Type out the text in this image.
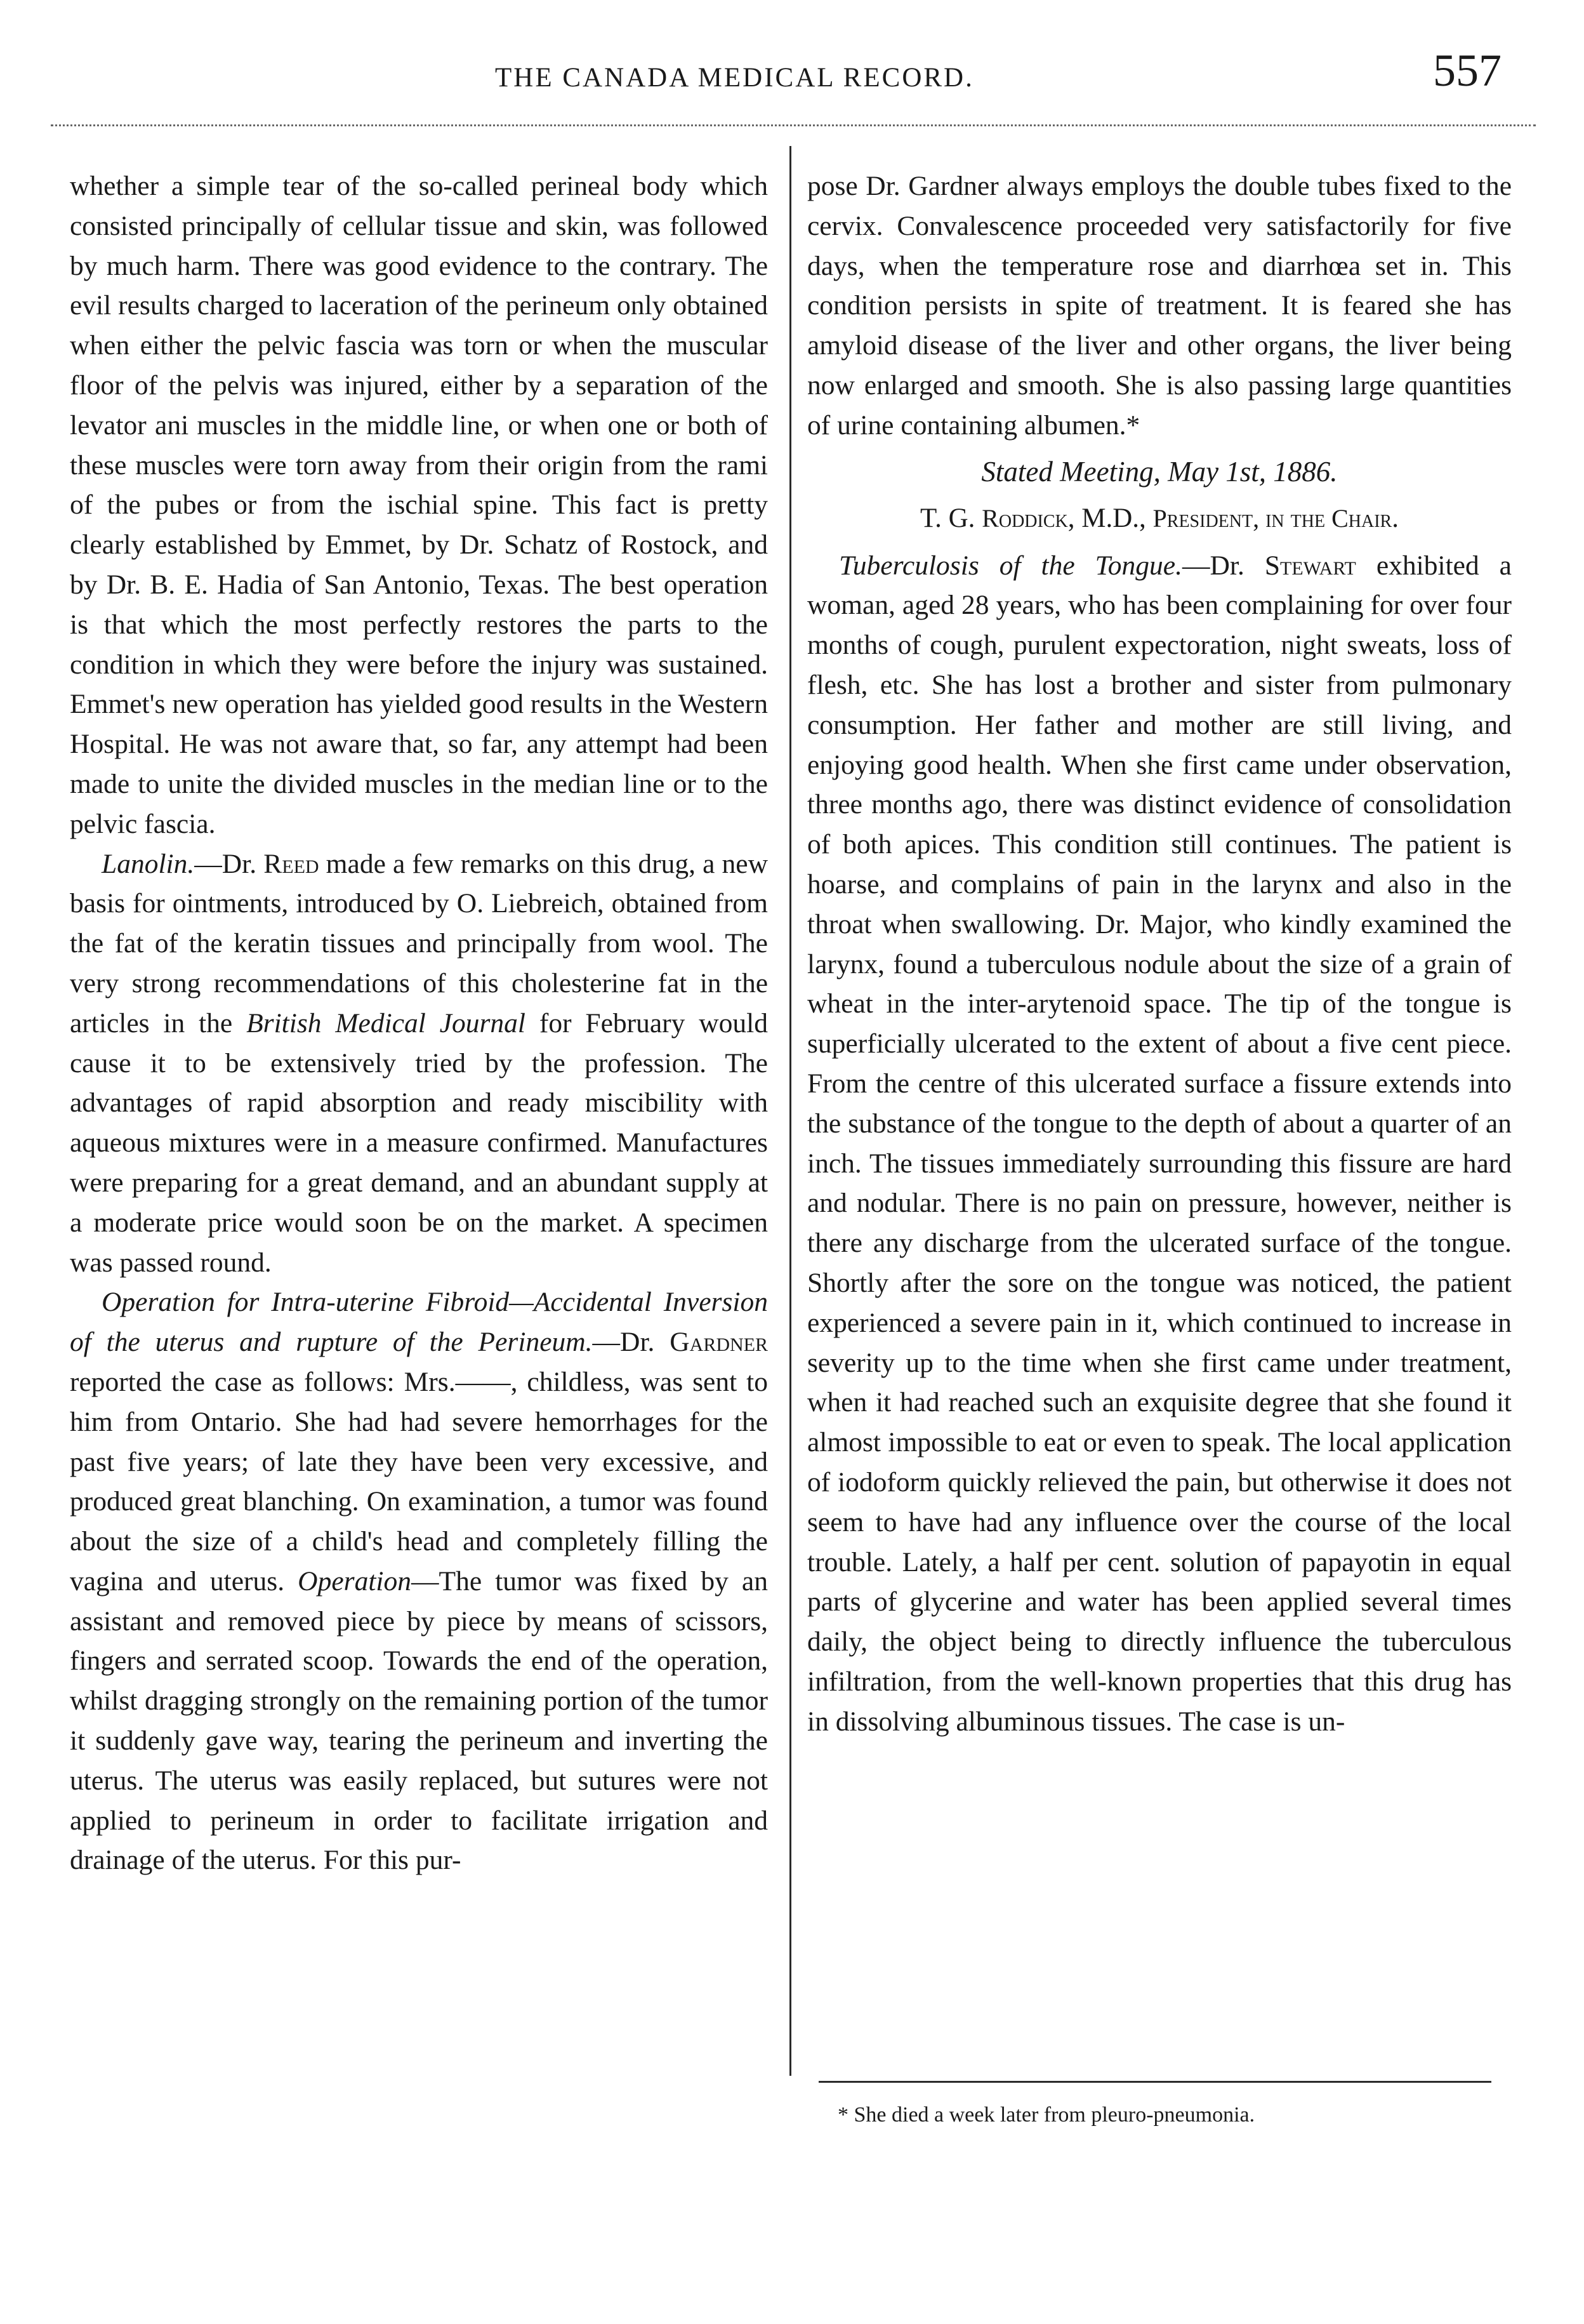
THE CANADA MEDICAL RECORD.	557

whether a simple tear of the so-called perineal body which consisted principally of cellular tissue and skin, was followed by much harm. There was good evidence to the contrary. The evil results charged to laceration of the perineum only obtained when either the pelvic fascia was torn or when the muscular floor of the pelvis was injured, either by a separation of the levator ani muscles in the middle line, or when one or both of these muscles were torn away from their origin from the rami of the pubes or from the ischial spine. This fact is pretty clearly established by Emmet, by Dr. Schatz of Rostock, and by Dr. B. E. Hadia of San Antonio, Texas. The best operation is that which the most perfectly restores the parts to the condition in which they were before the injury was sustained. Emmet's new operation has yielded good results in the Western Hospital. He was not aware that, so far, any attempt had been made to unite the divided muscles in the median line or to the pelvic fascia.

Lanolin.—Dr. Reed made a few remarks on this drug, a new basis for ointments, introduced by O. Liebreich, obtained from the fat of the keratin tissues and principally from wool. The very strong recommendations of this cholesterine fat in the articles in the British Medical Journal for February would cause it to be extensively tried by the profession. The advantages of rapid absorption and ready miscibility with aqueous mixtures were in a measure confirmed. Manufactures were preparing for a great demand, and an abundant supply at a moderate price would soon be on the market. A specimen was passed round.

Operation for Intra-uterine Fibroid—Accidental Inversion of the uterus and rupture of the Perineum.—Dr. Gardner reported the case as follows: Mrs.——, childless, was sent to him from Ontario. She had had severe hemorrhages for the past five years; of late they have been very excessive, and produced great blanching. On examination, a tumor was found about the size of a child's head and completely filling the vagina and uterus. Operation—The tumor was fixed by an assistant and removed piece by piece by means of scissors, fingers and serrated scoop. Towards the end of the operation, whilst dragging strongly on the remaining portion of the tumor it suddenly gave way, tearing the perineum and inverting the uterus. The uterus was easily replaced, but sutures were not applied to perineum in order to facilitate irrigation and drainage of the uterus. For this pur-

pose Dr. Gardner always employs the double tubes fixed to the cervix. Convalescence proceeded very satisfactorily for five days, when the temperature rose and diarrhœa set in. This condition persists in spite of treatment. It is feared she has amyloid disease of the liver and other organs, the liver being now enlarged and smooth. She is also passing large quantities of urine containing albumen.*

Stated Meeting, May 1st, 1886.

T. G. Roddick, M.D., President, in the Chair.

Tuberculosis of the Tongue.—Dr. Stewart exhibited a woman, aged 28 years, who has been complaining for over four months of cough, purulent expectoration, night sweats, loss of flesh, etc. She has lost a brother and sister from pulmonary consumption. Her father and mother are still living, and enjoying good health. When she first came under observation, three months ago, there was distinct evidence of consolidation of both apices. This condition still continues. The patient is hoarse, and complains of pain in the larynx and also in the throat when swallowing. Dr. Major, who kindly examined the larynx, found a tuberculous nodule about the size of a grain of wheat in the inter-arytenoid space. The tip of the tongue is superficially ulcerated to the extent of about a five cent piece. From the centre of this ulcerated surface a fissure extends into the substance of the tongue to the depth of about a quarter of an inch. The tissues immediately surrounding this fissure are hard and nodular. There is no pain on pressure, however, neither is there any discharge from the ulcerated surface of the tongue. Shortly after the sore on the tongue was noticed, the patient experienced a severe pain in it, which continued to increase in severity up to the time when she first came under treatment, when it had reached such an exquisite degree that she found it almost impossible to eat or even to speak. The local application of iodoform quickly relieved the pain, but otherwise it does not seem to have had any influence over the course of the local trouble. Lately, a half per cent. solution of papayotin in equal parts of glycerine and water has been applied several times daily, the object being to directly influence the tuberculous infiltration, from the well-known properties that this drug has in dissolving albuminous tissues. The case is un-

* She died a week later from pleuro-pneumonia.
